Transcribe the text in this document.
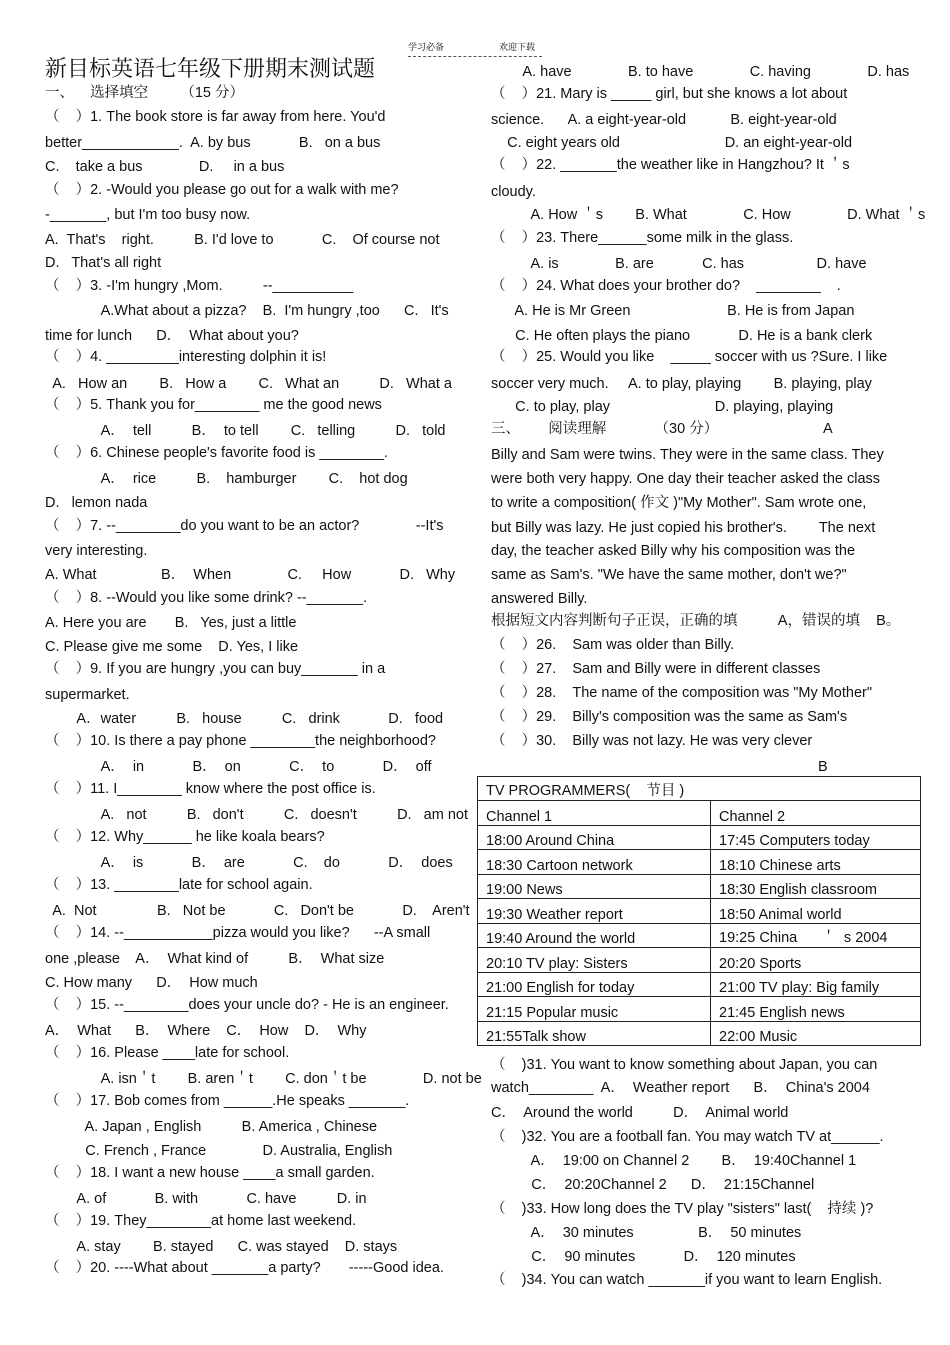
学习必备	欢迎下载
新目标英语七年级下册期末测试题
一、    选择填空        （15 分）
（    ）1. The book store is far away from here. You'd
better____________.  A. by bus            B.   on a bus
C.    take a bus              D.     in a bus
（    ）2. -Would you please go out for a walk with me?
-_______, but I'm too busy now.
A.  That's    right.          B. I'd love to            C.    Of course not
D.   That's all right
（    ）3. -I'm hungry ,Mom.          --__________
A.What about a pizza?    B.  I'm hungry ,too      C.   It's
time for lunch      D．  What about you?
（    ）4. _________interesting dolphin it is!
A.   How an        B.   How a        C.   What an          D.   What a
（    ）5. Thank you for________ me the good news
A．  tell          B．  to tell        C.   telling          D.   told
（    ）6. Chinese people's favorite food is ________.
A．  rice          B.    hamburger        C.    hot dog
D.   lemon nada
（    ）7. --________do you want to be an actor?              --It's
very interesting.
A. What                B．  When              C.     How            D.   Why
（    ）8. --Would you like some drink? --_______.
A. Here you are       B.   Yes, just a little
C. Please give me some    D. Yes, I like
（    ）9. If you are hungry ,you can buy_______ in a
supermarket.
A．water          B.   house          C.   drink            D.   food
（    ）10. Is there a pay phone ________the neighborhood?
A．  in            B．  on            C．  to            D．  off
（    ）11. I________ know where the post office is.
A.   not          B.   don't          C.   doesn't          D.   am not
（    ）12. Why______ he like koala bears?
A．  is            B．  are            C.    do            D．  does
（    ）13. ________late for school again.
A.  Not               B.   Not be            C.   Don't be            D.    Aren't
（    ）14. --___________pizza would you like?      --A small
one ,please    A．  What kind of          B．  What size
C. How many      D．  How much
（    ）15. --________does your uncle do? - He is an engineer.
A．  What      B．  Where    C．  How    D．  Why
（    ）16. Please ____late for school.
A. isn＇t        B. aren＇t        C. don＇t be              D. not be
（    ）17. Bob comes from ______.He speaks _______.
A. Japan , English          B. America , Chinese
C. French , France              D. Australia, English
（    ）18. I want a new house ____a small garden.
A. of            B. with            C. have          D. in
（    ）19. They________at home last weekend.
A. stay        B. stayed      C. was stayed    D. stays
（    ）20. ----What about _______a party?       -----Good idea.
A. have              B. to have              C. having              D. has
（    ）21. Mary is _____ girl, but she knows a lot about
science.      A. a eight-year-old           B. eight-year-old
C. eight years old                          D. an eight-year-old
（    ）22. _______the weather like in Hangzhou? It ＇s
cloudy.
A. How ＇s        B. What              C. How              D. What ＇s
（    ）23. There______some milk in the glass.
A. is              B. are            C. has                  D. have
（    ）24. What does your brother do?    ________    .
A. He is Mr Green                        B. He is from Japan
C. He often plays the piano            D. He is a bank clerk
（    ）25. Would you like    _____ soccer with us ?Sure. I like
soccer very much.     A. to play, playing        B. playing, play
C. to play, play                          D. playing, playing
三、       阅读理解            （30 分）                          A
Billy and Sam were twins. They were in the same class. They
were both very happy. One day their teacher asked the class
to write a composition( 作文 )"My Mother". Sam wrote one,
but Billy was lazy. He just copied his brother's.        The next
day, the teacher asked Billy why his composition was the
same as Sam's. "We have the same mother, don't we?"
answered Billy.
根据短文内容判断句子正误，正确的填          A，错误的填    B。
（    ）26.    Sam was older than Billy.
（    ）27.    Sam and Billy were in different classes
（    ）28.    The name of the composition was "My Mother"
（    ）29.    Billy's composition was the same as Sam's
（    ）30.    Billy was not lazy. He was very clever
B
（    )31. You want to know something about Japan, you can
watch________  A．  Weather report      B．  China's 2004
C．  Around the world          D．  Animal world
（    )32. You are a football fan. You may watch TV at______.
A．  19:00 on Channel 2        B．  19:40Channel 1
C．  20:20Channel 2      D．  21:15Channel
（    )33. How long does the TV play "sisters" last(    持续 )?
A．  30 minutes                B．  50 minutes
C．  90 minutes            D．  120 minutes
（    )34. You can watch _______if you want to learn English.
TV PROGRAMMERS(    节目 )	
Channel 1	Channel 2
18:00 Around China	17:45 Computers today
18:30 Cartoon network	18:10 Chinese arts
19:00 News	18:30 English classroom
19:30 Weather report	18:50 Animal world
19:40 Around the world	19:25 China      ＇  s 2004
20:10 TV play: Sisters	20:20 Sports
21:00 English for today	21:00 TV play: Big family
21:15 Popular music	21:45 English news
21:55Talk show	22:00 Music
